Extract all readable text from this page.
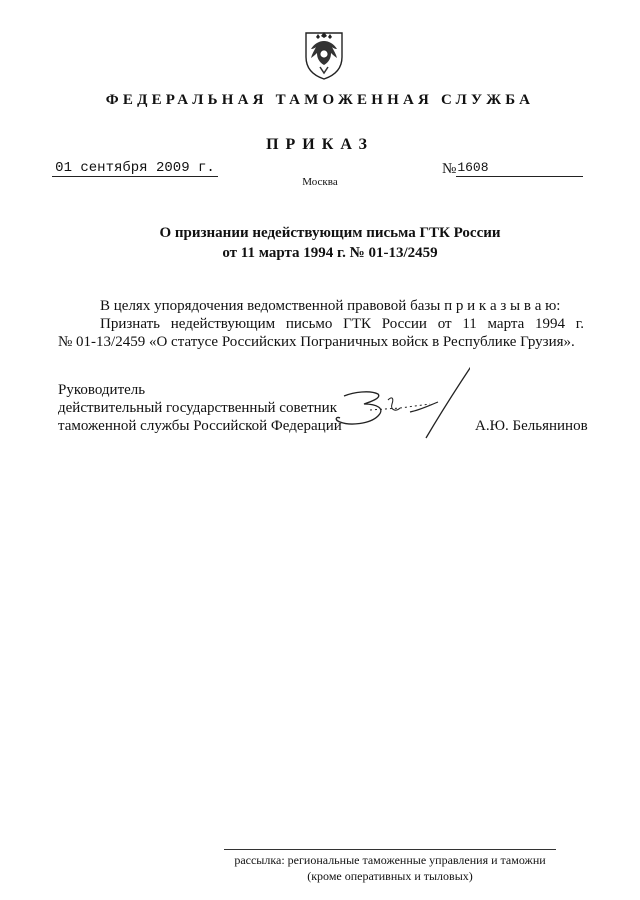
ФЕДЕРАЛЬНАЯ ТАМОЖЕННАЯ СЛУЖБА
ПРИКАЗ
01 сентября 2009 г.	№ 1608
Москва
О признании недействующим письма ГТК России
от 11 марта 1994 г. № 01-13/2459
В целях упорядочения ведомственной правовой базы п р и к а з ы в а ю:
Признать недействующим письмо ГТК России от 11 марта 1994 г.
№ 01-13/2459 «О статусе Российских Пограничных войск в Республике Грузия».
Руководитель
действительный государственный советник
таможенной службы Российской Федерации	А.Ю. Бельянинов
рассылка: региональные таможенные управления и таможни
(кроме оперативных и тыловых)
